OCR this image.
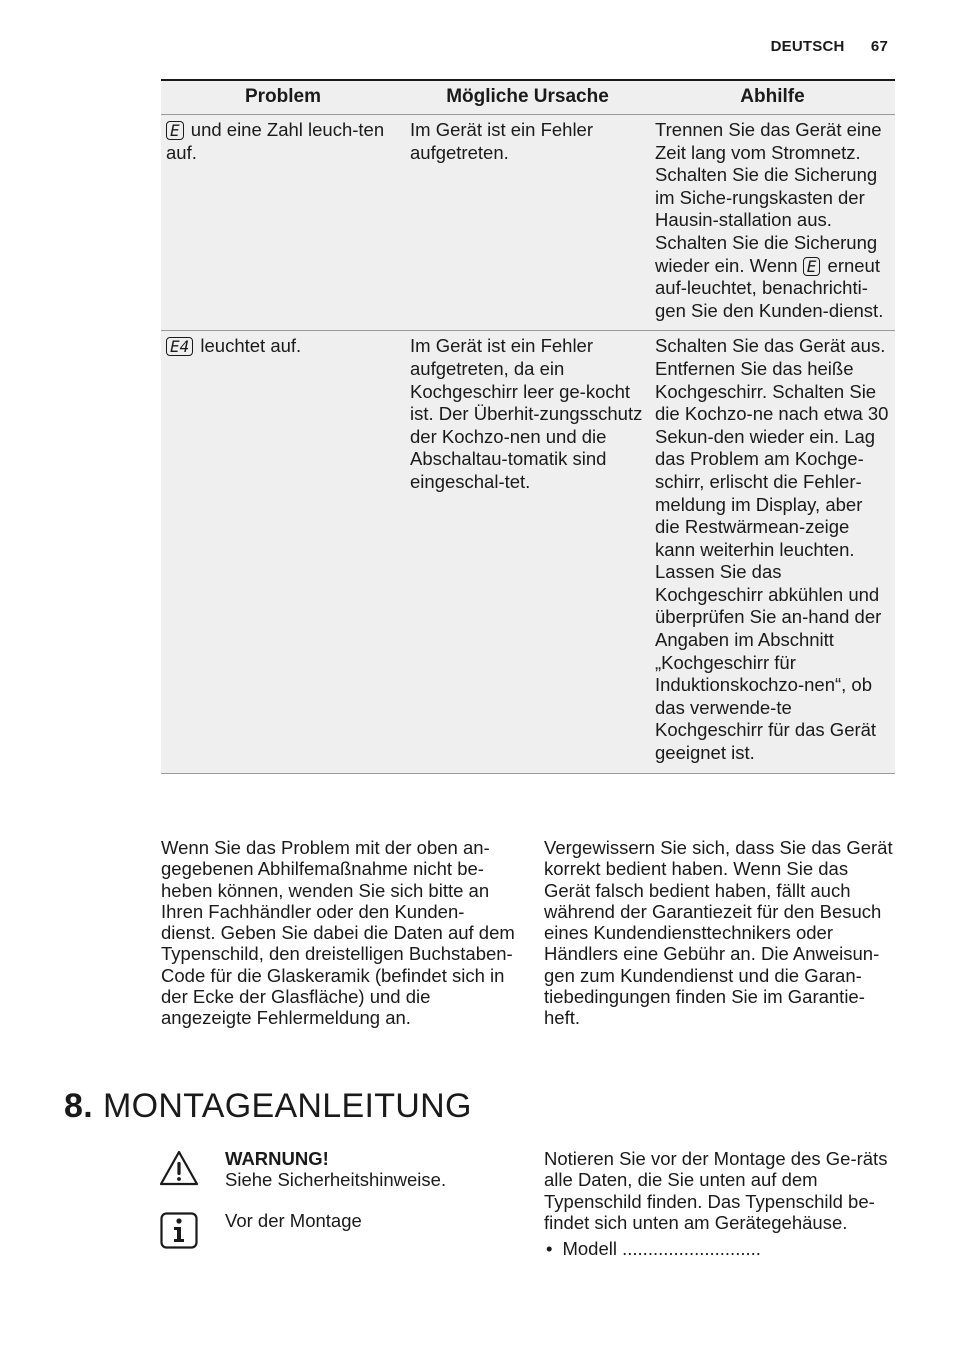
DEUTSCH 67
Problem	Mögliche Ursache	Abhilfe
E und eine Zahl leuch-ten auf.	Im Gerät ist ein Fehler aufgetreten.	Trennen Sie das Gerät eine Zeit lang vom Stromnetz. Schalten Sie die Sicherung im Siche-rungskasten der Hausin-stallation aus. Schalten Sie die Sicherung wieder ein. Wenn E erneut auf-leuchtet, benachrichti-gen Sie den Kunden-dienst.
E4 leuchtet auf.	Im Gerät ist ein Fehler aufgetreten, da ein Kochgeschirr leer ge-kocht ist. Der Überhit-zungsschutz der Kochzo-nen und die Abschaltau-tomatik sind eingeschal-tet.	Schalten Sie das Gerät aus. Entfernen Sie das heiße Kochgeschirr. Schalten Sie die Kochzo-ne nach etwa 30 Sekun-den wieder ein. Lag das Problem am Kochge-schirr, erlischt die Fehler-meldung im Display, aber die Restwärmean-zeige kann weiterhin leuchten. Lassen Sie das Kochgeschirr abkühlen und überprüfen Sie an-hand der Angaben im Abschnitt „Kochgeschirr für Induktionskochzo-nen“, ob das verwende-te Kochgeschirr für das Gerät geeignet ist.
Wenn Sie das Problem mit der oben an-gegebenen Abhilfemaßnahme nicht be-heben können, wenden Sie sich bitte an Ihren Fachhändler oder den Kunden-dienst. Geben Sie dabei die Daten auf dem Typenschild, den dreistelligen Buchstaben-Code für die Glaskeramik (befindet sich in der Ecke der Glasfläche) und die angezeigte Fehlermeldung an.
Vergewissern Sie sich, dass Sie das Gerät korrekt bedient haben. Wenn Sie das Gerät falsch bedient haben, fällt auch während der Garantiezeit für den Besuch eines Kundendiensttechnikers oder Händlers eine Gebühr an. Die Anweisun-gen zum Kundendienst und die Garan-tiebedingungen finden Sie im Garantie-heft.
8. MONTAGEANLEITUNG
WARNUNG!
Siehe Sicherheitshinweise.
Vor der Montage
Notieren Sie vor der Montage des Ge-räts alle Daten, die Sie unten auf dem Typenschild finden. Das Typenschild be-findet sich unten am Gerätegehäuse.
• Modell ...........................
